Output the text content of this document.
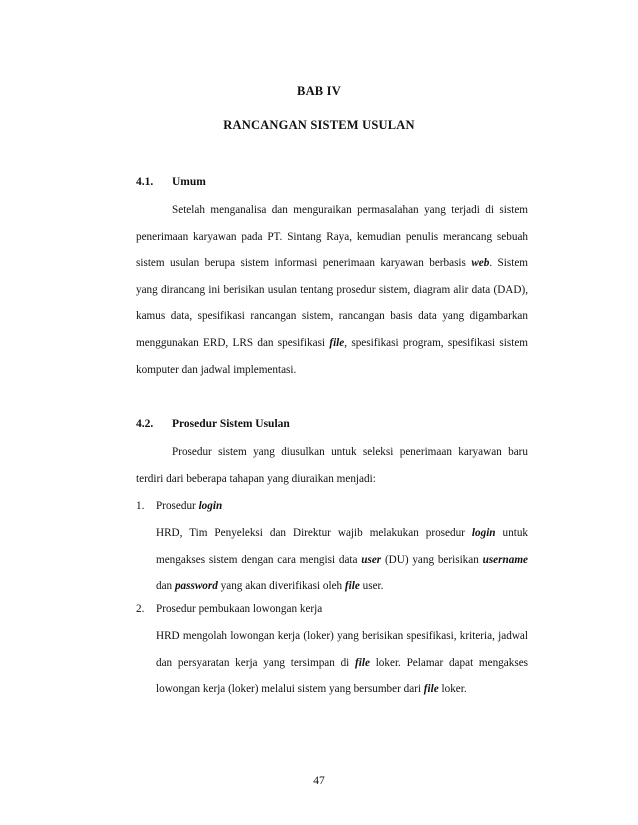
BAB IV
RANCANGAN SISTEM USULAN
4.1. Umum

Setelah menganalisa dan menguraikan permasalahan yang terjadi di sistem penerimaan karyawan pada PT. Sintang Raya, kemudian penulis merancang sebuah sistem usulan berupa sistem informasi penerimaan karyawan berbasis web. Sistem yang dirancang ini berisikan usulan tentang prosedur sistem, diagram alir data (DAD), kamus data, spesifikasi rancangan sistem, rancangan basis data yang digambarkan menggunakan ERD, LRS dan spesifikasi file, spesifikasi program, spesifikasi sistem komputer dan jadwal implementasi.

4.2. Prosedur Sistem Usulan

Prosedur sistem yang diusulkan untuk seleksi penerimaan karyawan baru terdiri dari beberapa tahapan yang diuraikan menjadi:

1. Prosedur login

HRD, Tim Penyeleksi dan Direktur wajib melakukan prosedur login untuk mengakses sistem dengan cara mengisi data user (DU) yang berisikan username dan password yang akan diverifikasi oleh file user.

2. Prosedur pembukaan lowongan kerja

HRD mengolah lowongan kerja (loker) yang berisikan spesifikasi, kriteria, jadwal dan persyaratan kerja yang tersimpan di file loker. Pelamar dapat mengakses lowongan kerja (loker) melalui sistem yang bersumber dari file loker.

47
